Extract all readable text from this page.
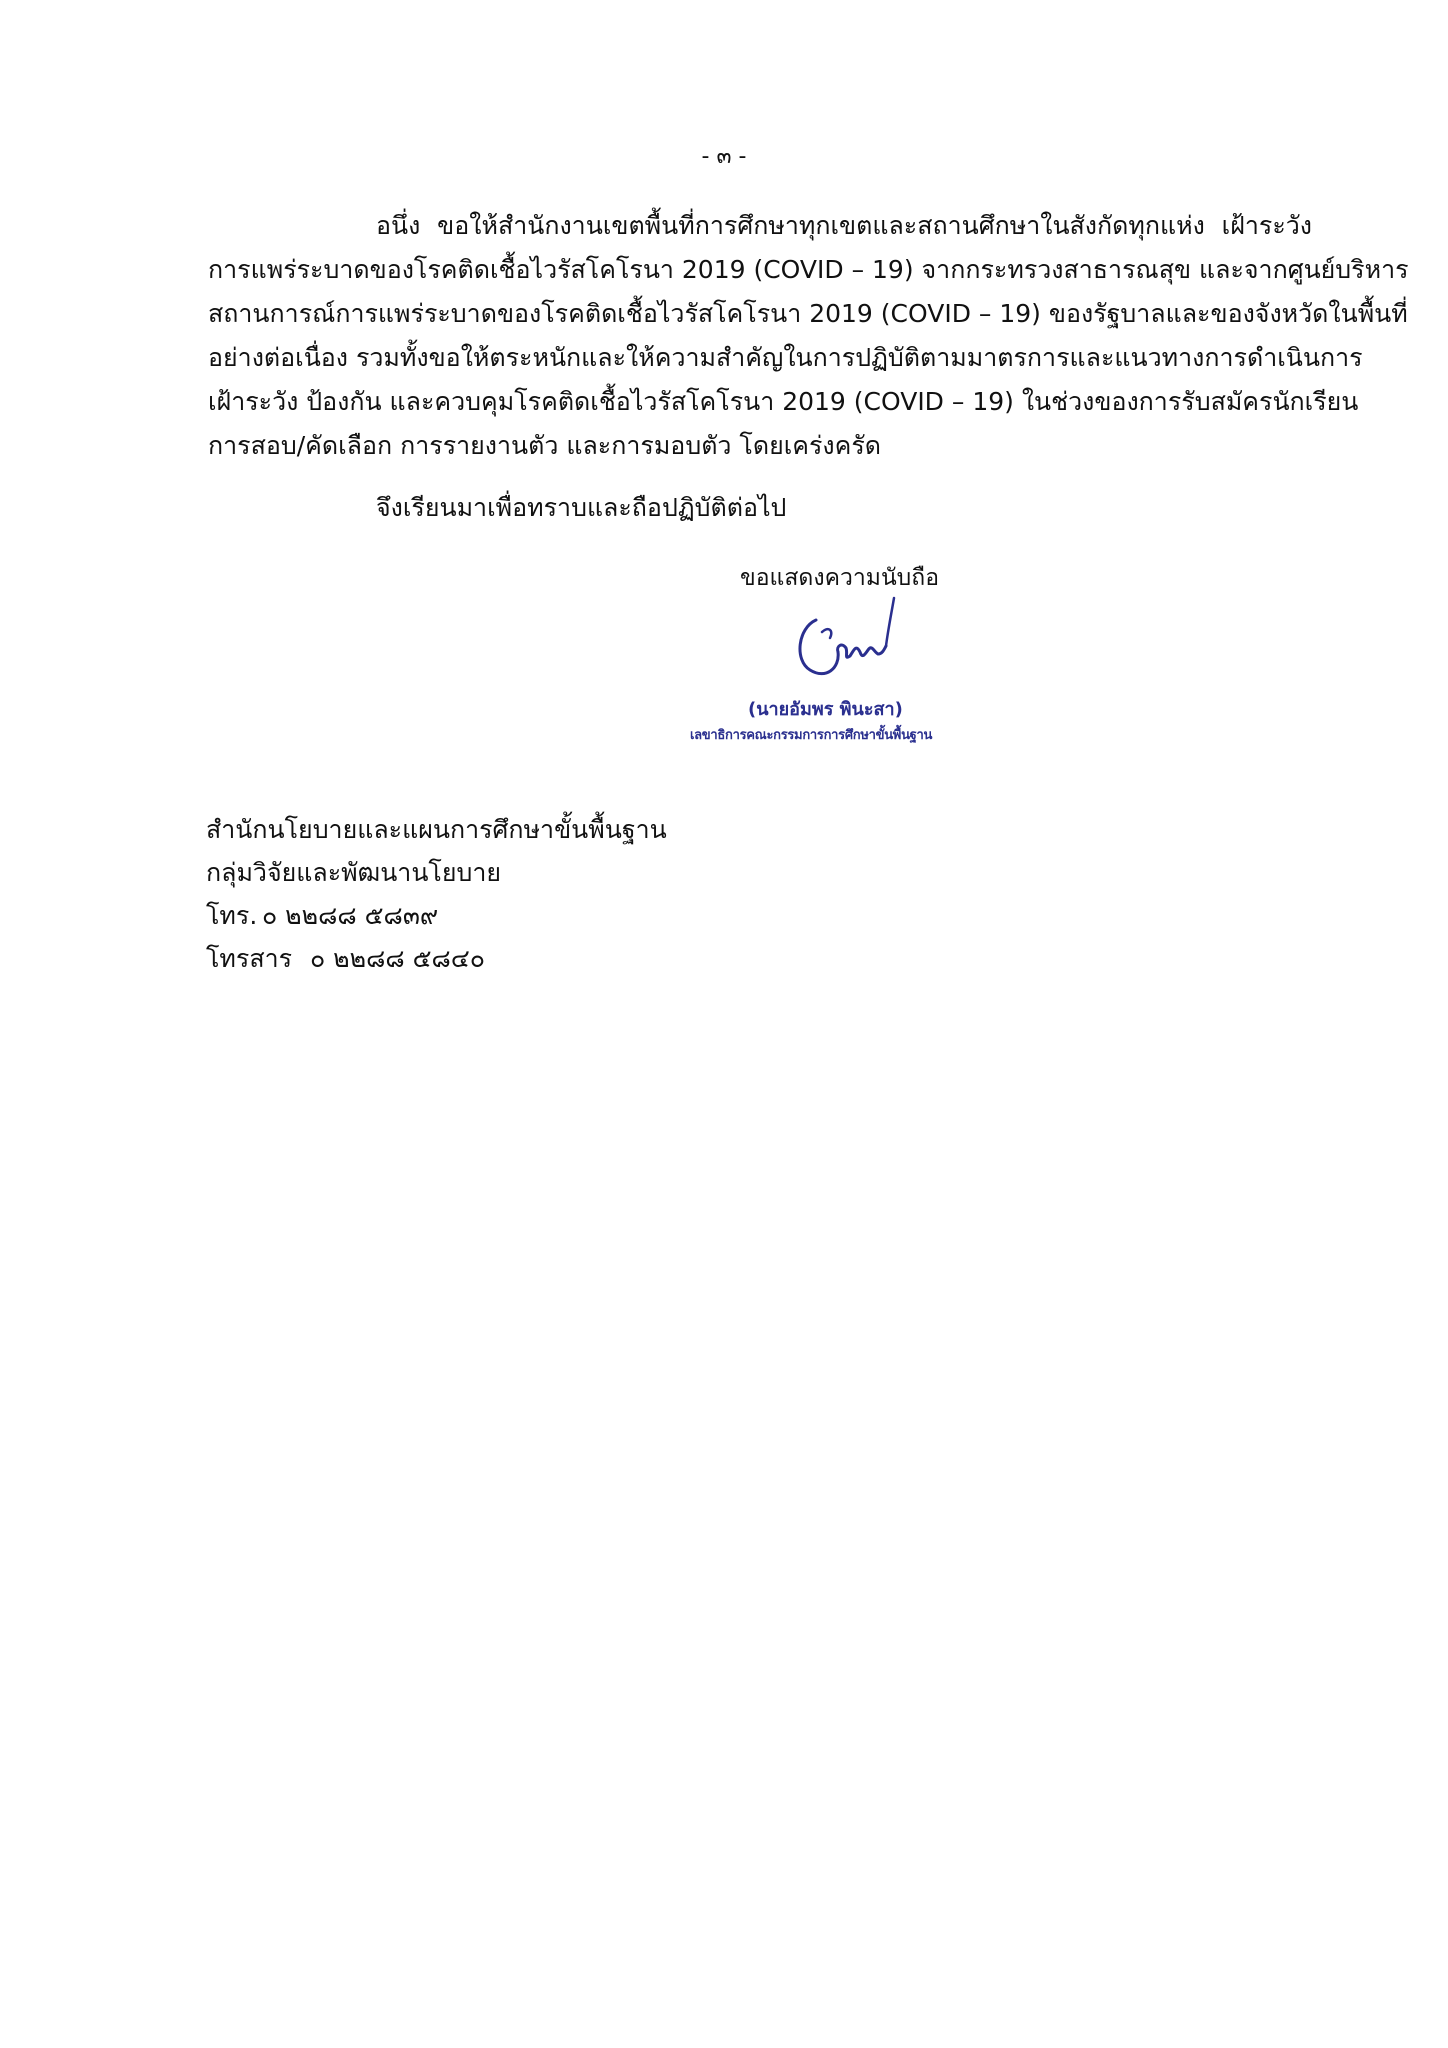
- ๓ -
อนึ่ง ขอให้สำนักงานเขตพื้นที่การศึกษาทุกเขตและสถานศึกษาในสังกัดทุกแห่ง เฝ้าระวัง
การแพร่ระบาดของโรคติดเชื้อไวรัสโคโรนา 2019 (COVID – 19) จากกระทรวงสาธารณสุข และจากศูนย์บริหาร
สถานการณ์การแพร่ระบาดของโรคติดเชื้อไวรัสโคโรนา 2019 (COVID – 19) ของรัฐบาลและของจังหวัดในพื้นที่
อย่างต่อเนื่อง รวมทั้งขอให้ตระหนักและให้ความสำคัญในการปฏิบัติตามมาตรการและแนวทางการดำเนินการ
เฝ้าระวัง ป้องกัน และควบคุมโรคติดเชื้อไวรัสโคโรนา 2019 (COVID – 19) ในช่วงของการรับสมัครนักเรียน
การสอบ/คัดเลือก การรายงานตัว และการมอบตัว โดยเคร่งครัด
จึงเรียนมาเพื่อทราบและถือปฏิบัติต่อไป
ขอแสดงความนับถือ
(นายอัมพร พินะสา)
เลขาธิการคณะกรรมการการศึกษาขั้นพื้นฐาน
สำนักนโยบายและแผนการศึกษาขั้นพื้นฐาน
กลุ่มวิจัยและพัฒนานโยบาย
โทร. ๐ ๒๒๘๘ ๕๘๓๙
โทรสาร ๐ ๒๒๘๘ ๕๘๔๐
